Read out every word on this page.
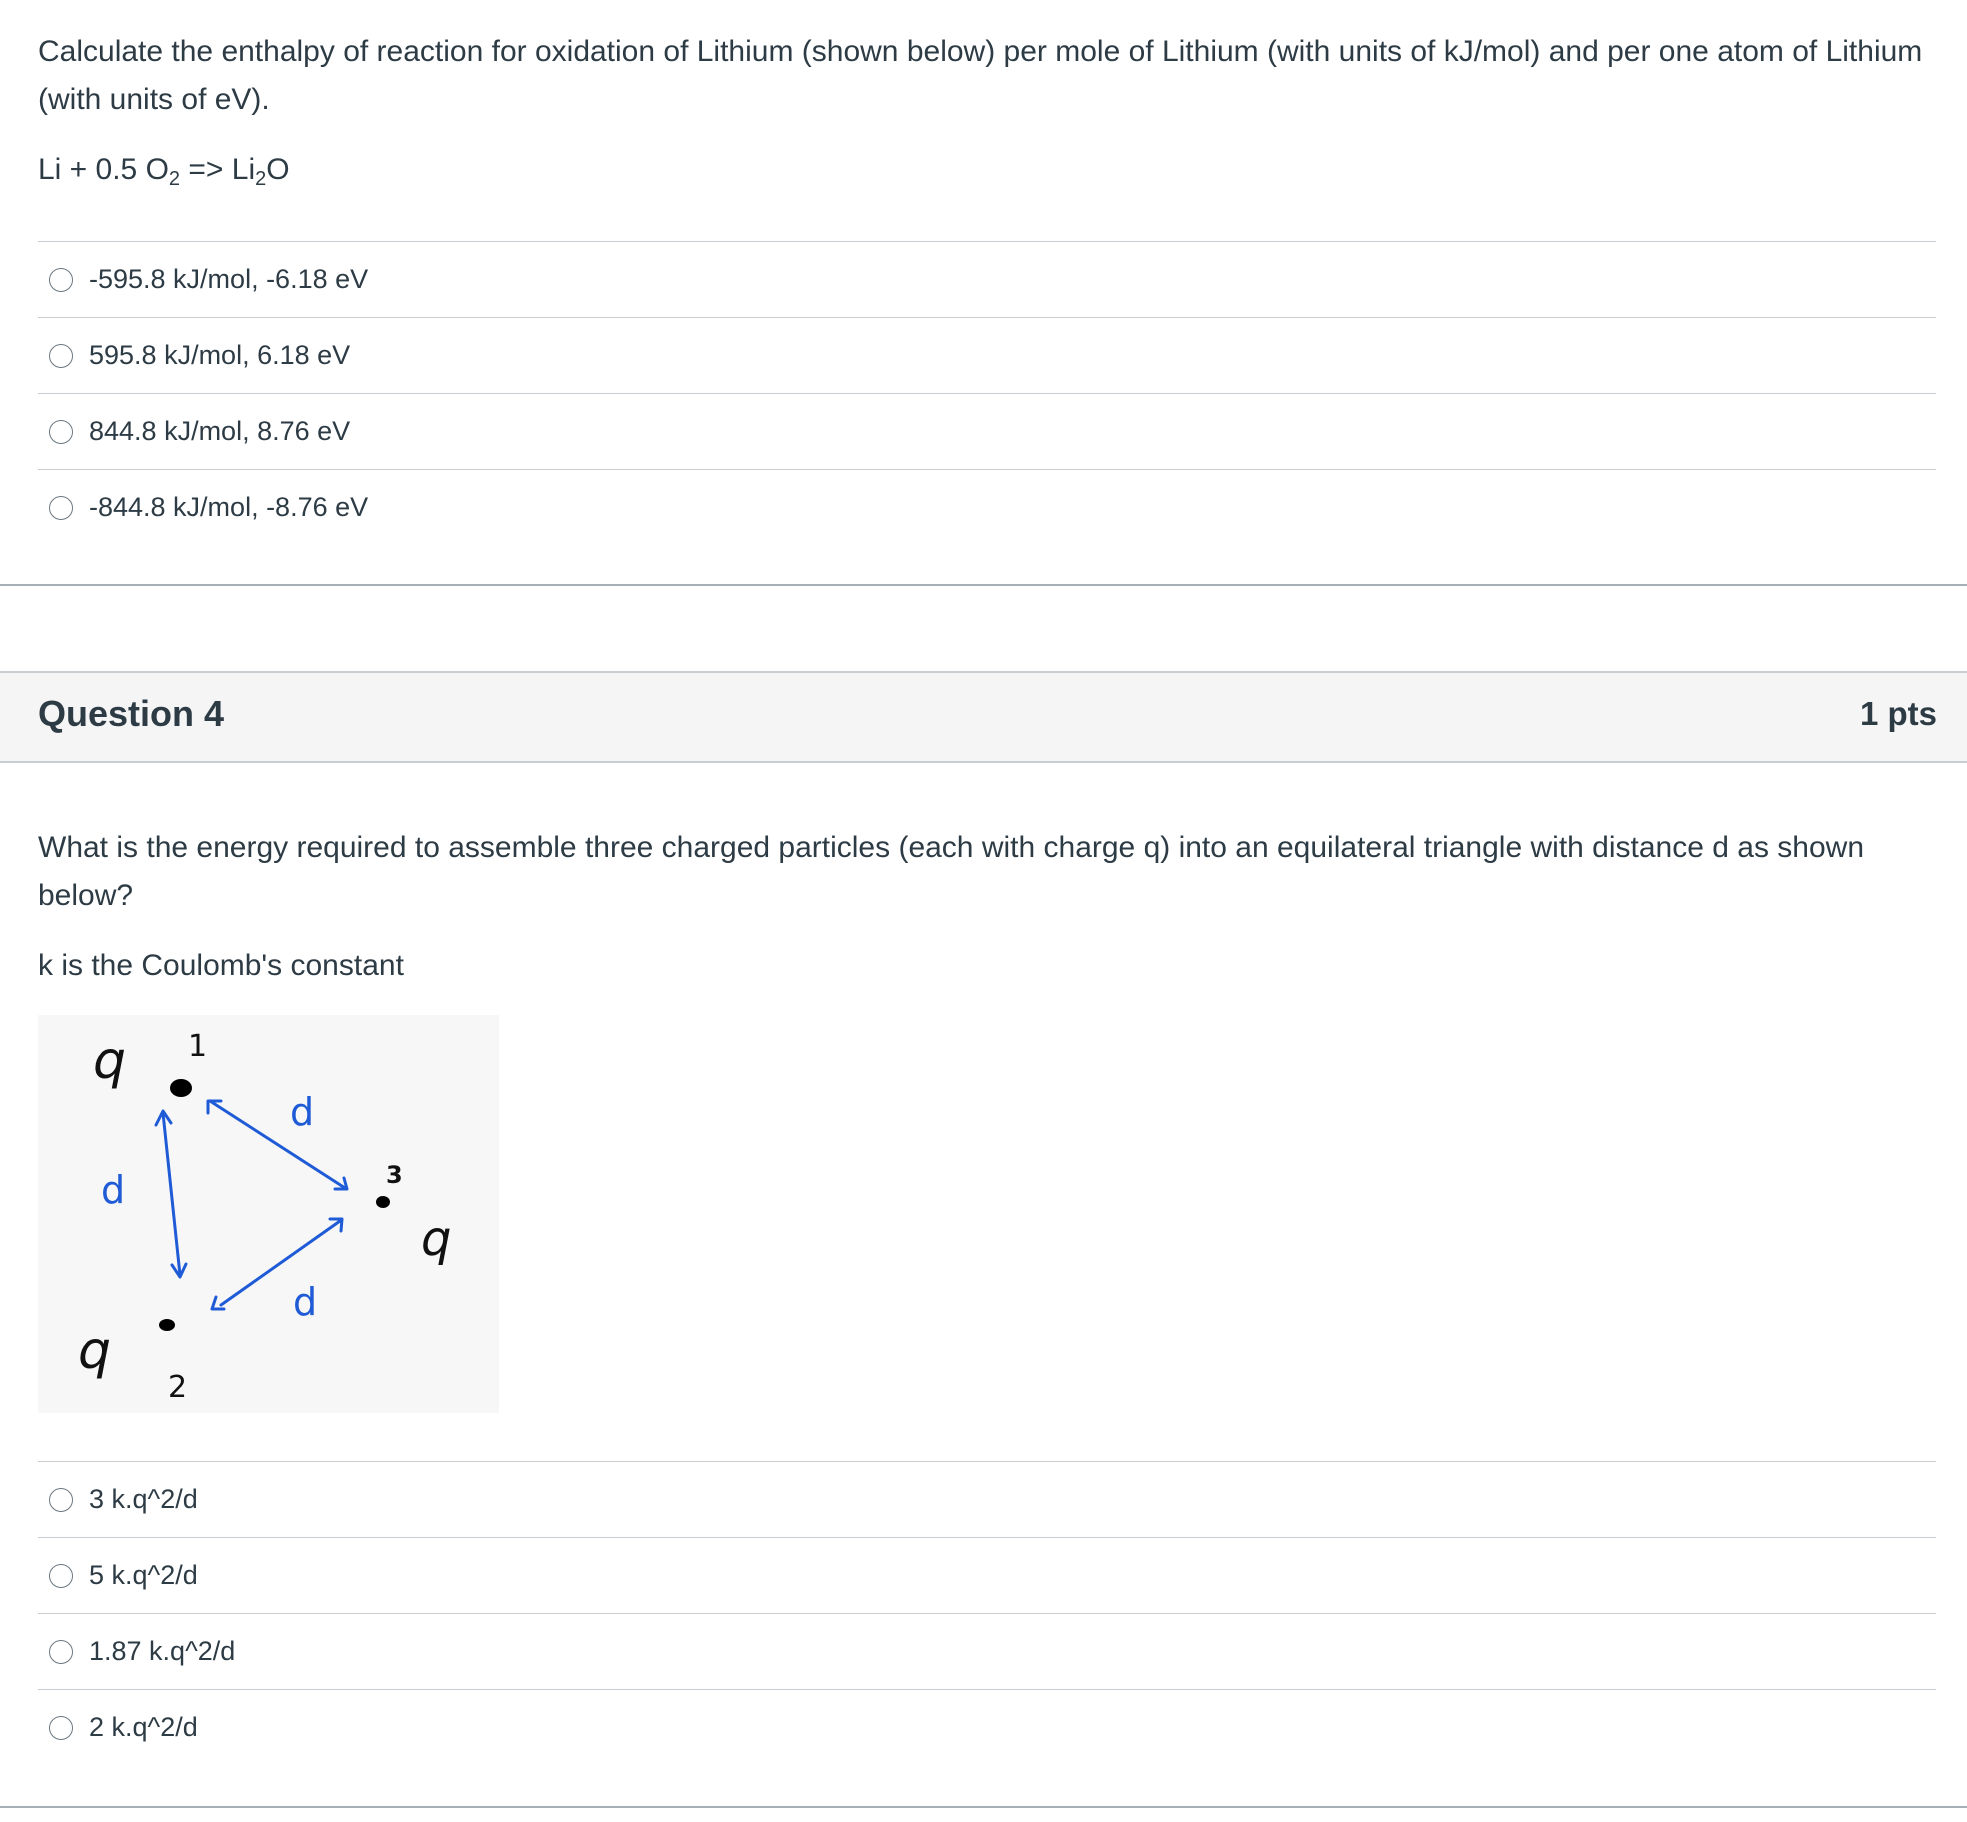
Calculate the enthalpy of reaction for oxidation of Lithium (shown below) per mole of Lithium (with units of kJ/mol) and per one atom of Lithium (with units of eV).

Li + 0.5 $O_2 => Li_2O$
-595.8 kJ/mol, -6.18 eV
595.8 kJ/mol, 6.18 eV
844.8 kJ/mol, 8.76 eV
-844.8 kJ/mol, -8.76 eV
Question 4	1 pts

What is the energy required to assemble three charged particles (each with charge q) into an equilateral triangle with distance d as shown below?

k is the Coulomb's constant

q 1
d
3
d
q
d
q
2
3 k.q^2/d
5 k.q^2/d
1.87 k.q^2/d
2 k.q^2/d
